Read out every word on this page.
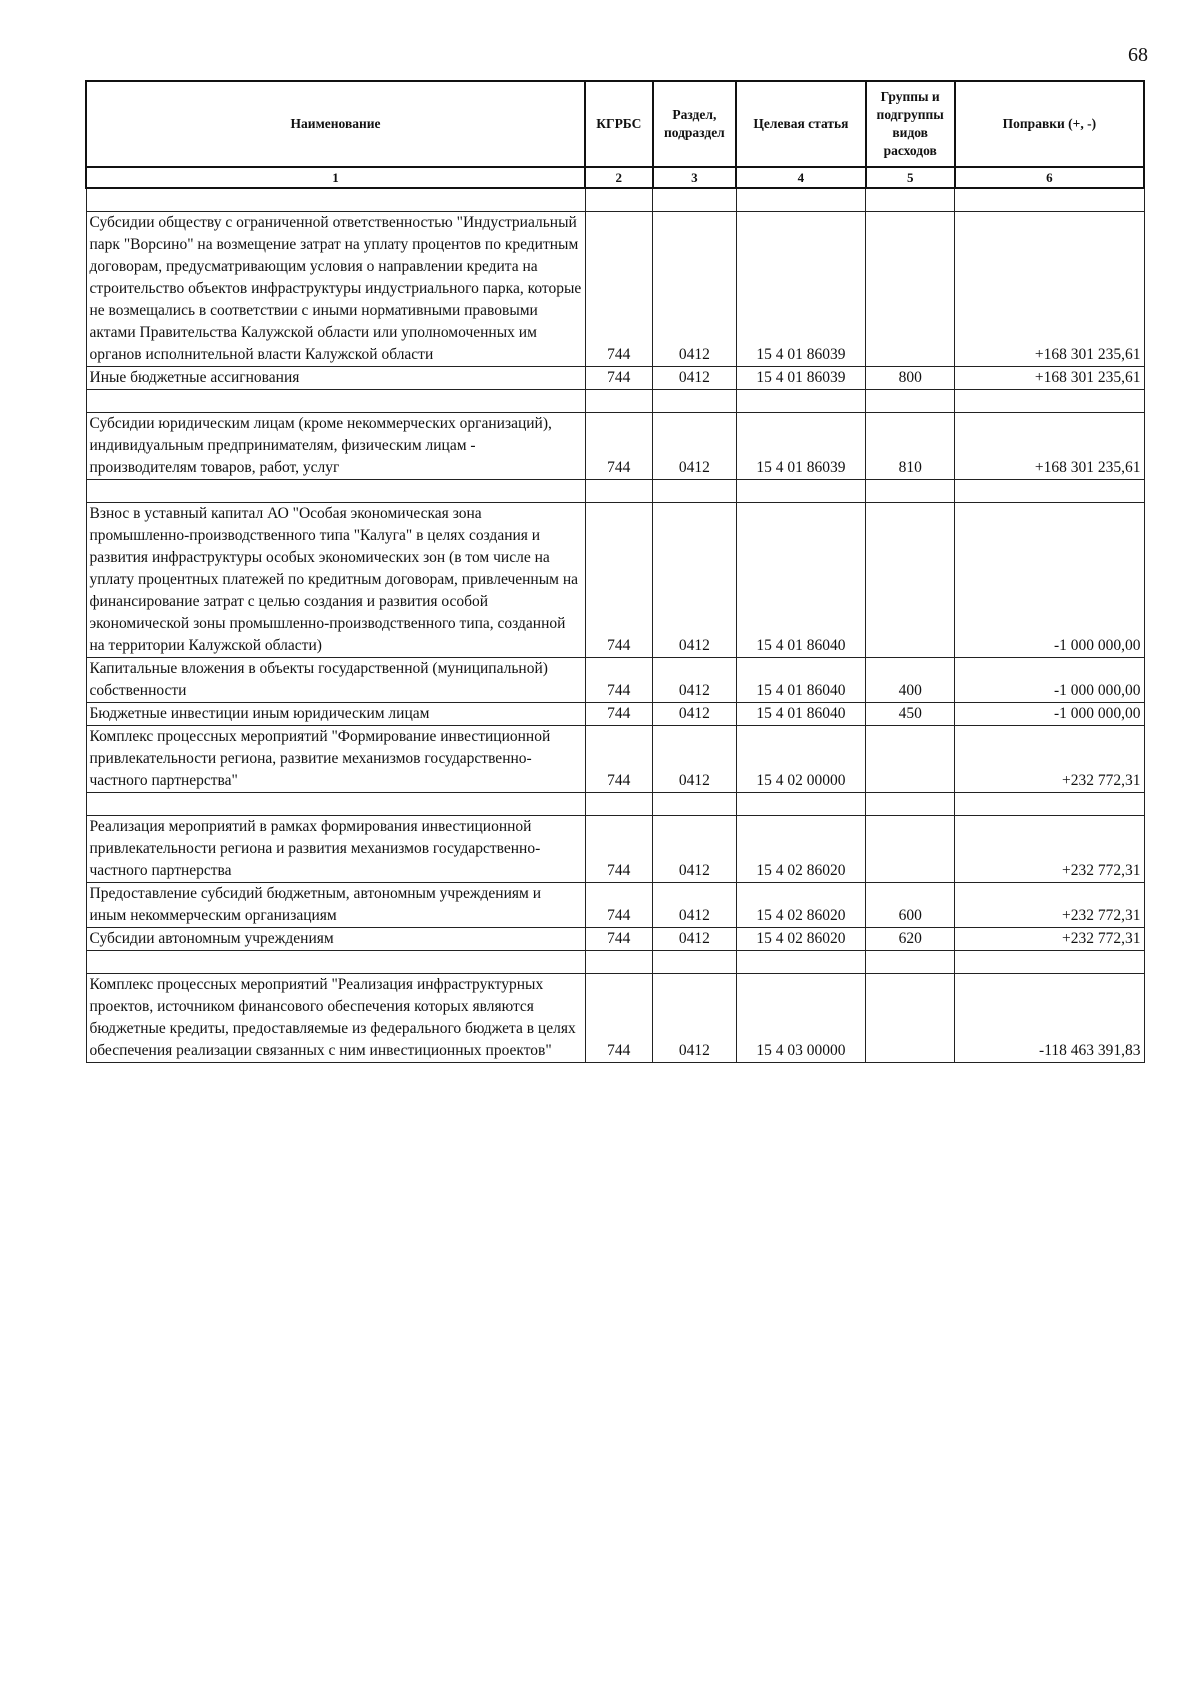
68
Наименование	КГРБС	Раздел, подраздел	Целевая статья	Группы и подгруппы видов расходов	Поправки (+, -)
1	2	3	4	5	6

Субсидии обществу с ограниченной ответственностью "Индустриальный парк "Ворсино" на возмещение затрат на уплату процентов по кредитным договорам, предусматривающим условия о направлении кредита на строительство объектов инфраструктуры индустриального парка, которые не возмещались в соответствии с иными нормативными правовыми актами Правительства Калужской области или уполномоченных им органов исполнительной власти Калужской области	744	0412	15 4 01 86039		+168 301 235,61
Иные бюджетные ассигнования	744	0412	15 4 01 86039	800	+168 301 235,61

Субсидии юридическим лицам (кроме некоммерческих организаций), индивидуальным предпринимателям, физическим лицам - производителям товаров, работ, услуг	744	0412	15 4 01 86039	810	+168 301 235,61

Взнос в уставный капитал АО "Особая экономическая зона промышленно-производственного типа "Калуга" в целях создания и развития инфраструктуры особых экономических зон (в том числе на уплату процентных платежей по кредитным договорам, привлеченным на финансирование затрат с целью создания и развития особой экономической зоны промышленно-производственного типа, созданной на территории Калужской области)	744	0412	15 4 01 86040		-1 000 000,00
Капитальные вложения в объекты государственной (муниципальной) собственности	744	0412	15 4 01 86040	400	-1 000 000,00
Бюджетные инвестиции иным юридическим лицам	744	0412	15 4 01 86040	450	-1 000 000,00
Комплекс процессных мероприятий "Формирование инвестиционной привлекательности региона, развитие механизмов государственно-частного партнерства"	744	0412	15 4 02 00000		+232 772,31

Реализация мероприятий в рамках формирования инвестиционной привлекательности региона и развития механизмов государственно-частного партнерства	744	0412	15 4 02 86020		+232 772,31
Предоставление субсидий бюджетным, автономным учреждениям и иным некоммерческим организациям	744	0412	15 4 02 86020	600	+232 772,31
Субсидии автономным учреждениям	744	0412	15 4 02 86020	620	+232 772,31

Комплекс процессных мероприятий "Реализация инфраструктурных проектов, источником финансового обеспечения которых являются бюджетные кредиты, предоставляемые из федерального бюджета в целях обеспечения реализации связанных с ним инвестиционных проектов"	744	0412	15 4 03 00000		-118 463 391,83
